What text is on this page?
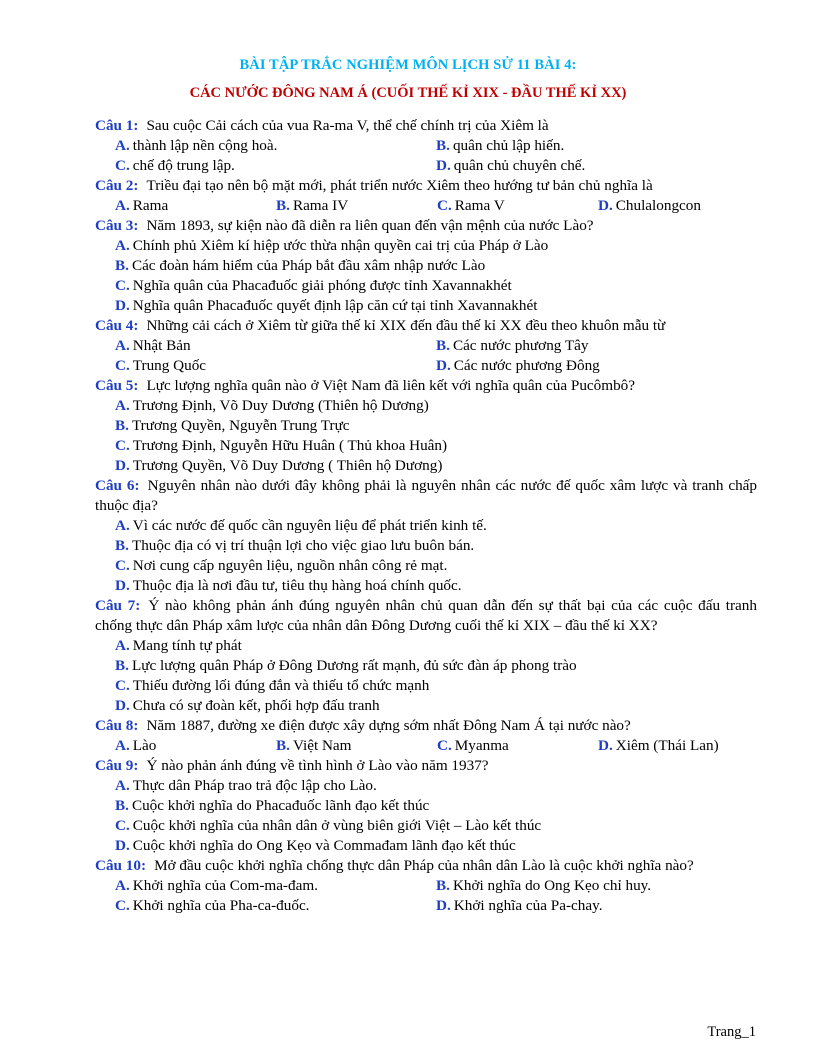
BÀI TẬP TRẮC NGHIỆM MÔN LỊCH SỬ 11 BÀI 4:
CÁC NƯỚC ĐÔNG NAM Á (CUỐI THẾ KỈ XIX - ĐẦU THẾ KỈ XX)
Câu 1: Sau cuộc Cải cách của vua Ra-ma V, thể chế chính trị của Xiêm là
A. thành lập nền cộng hoà.	B. quân chủ lập hiến.
C. chế độ trung lập.	D. quân chủ chuyên chế.
Câu 2: Triều đại tạo nên bộ mặt mới, phát triển nước Xiêm theo hướng tư bản chủ nghĩa là
A. Rama	B. Rama IV	C. Rama V	D. Chulalongcon
Câu 3: Năm 1893, sự kiện nào đã diễn ra liên quan đến vận mệnh của nước Lào?
A. Chính phủ Xiêm kí hiệp ước thừa nhận quyền cai trị của Pháp ở Lào
B. Các đoàn hám hiểm của Pháp bắt đầu xâm nhập nước Lào
C. Nghĩa quân của Phacađuốc giải phóng được tỉnh Xavannakhét
D. Nghĩa quân Phacađuốc quyết định lập căn cứ tại tỉnh Xavannakhét
Câu 4: Những cải cách ở Xiêm từ giữa thế kỉ XIX đến đầu thế kỉ XX đều theo khuôn mẫu từ
A. Nhật Bản	B. Các nước phương Tây
C. Trung Quốc	D. Các nước phương Đông
Câu 5: Lực lượng nghĩa quân nào ở Việt Nam đã liên kết với nghĩa quân của Pucômbô?
A. Trương Định, Võ Duy Dương (Thiên hộ Dương)
B. Trương Quyền, Nguyễn Trung Trực
C. Trương Định, Nguyễn Hữu Huân ( Thủ khoa Huân)
D. Trương Quyền, Võ Duy Dương ( Thiên hộ Dương)
Câu 6: Nguyên nhân nào dưới đây không phải là nguyên nhân các nước đế quốc xâm lược và tranh chấp thuộc địa?
A. Vì các nước đế quốc cần nguyên liệu để phát triển kinh tế.
B. Thuộc địa có vị trí thuận lợi cho việc giao lưu buôn bán.
C. Nơi cung cấp nguyên liệu, nguồn nhân công rẻ mạt.
D. Thuộc địa là nơi đầu tư, tiêu thụ hàng hoá chính quốc.
Câu 7: Ý nào không phản ánh đúng nguyên nhân chủ quan dẫn đến sự thất bại của các cuộc đấu tranh chống thực dân Pháp xâm lược của nhân dân Đông Dương cuối thế kỉ XIX – đầu thế kỉ XX?
A. Mang tính tự phát
B. Lực lượng quân Pháp ở Đông Dương rất mạnh, đủ sức đàn áp phong trào
C. Thiếu đường lối đúng đắn và thiếu tổ chức mạnh
D. Chưa có sự đoàn kết, phối hợp đấu tranh
Câu 8: Năm 1887, đường xe điện được xây dựng sớm nhất Đông Nam Á tại nước nào?
A. Lào	B. Việt Nam	C. Myanma	D. Xiêm (Thái Lan)
Câu 9: Ý nào phản ánh đúng về tình hình ở Lào vào năm 1937?
A. Thực dân Pháp trao trả độc lập cho Lào.
B. Cuộc khởi nghĩa do Phacađuốc lãnh đạo kết thúc
C. Cuộc khởi nghĩa của nhân dân ở vùng biên giới Việt – Lào kết thúc
D. Cuộc khởi nghĩa do Ong Kẹo và Commađam lãnh đạo kết thúc
Câu 10: Mở đầu cuộc khởi nghĩa chống thực dân Pháp của nhân dân Lào là cuộc khởi nghĩa nào?
A. Khởi nghĩa của Com-ma-đam.	B. Khởi nghĩa do Ong Kẹo chỉ huy.
C. Khởi nghĩa của Pha-ca-đuốc.	D. Khởi nghĩa của Pa-chay.
Trang_1
